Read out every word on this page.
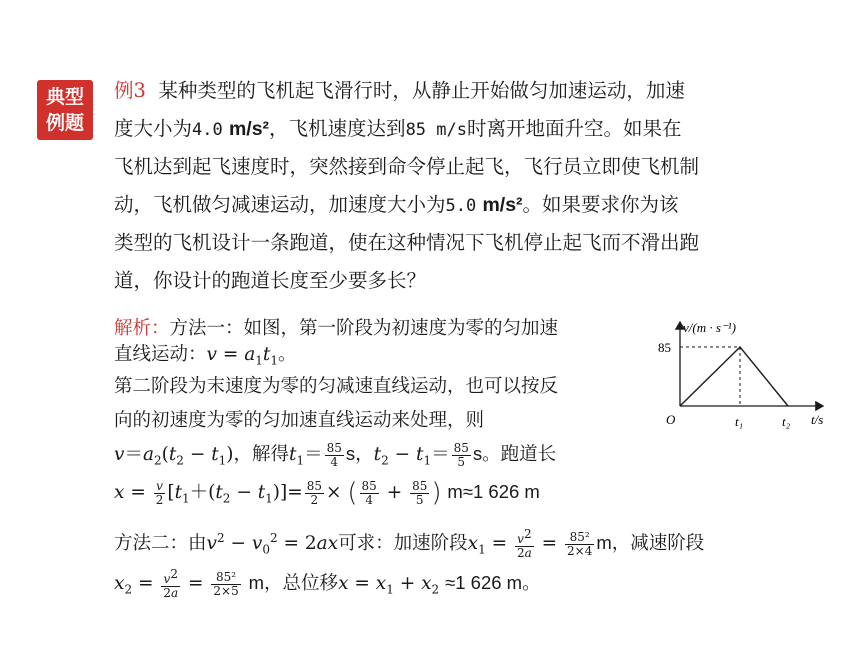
典型
例题
例3 某种类型的飞机起飞滑行时，从静止开始做匀加速运动，加速
度大小为4.0 m/s²，飞机速度达到85 m/s时离开地面升空。如果在
飞机达到起飞速度时，突然接到命令停止起飞，飞行员立即使飞机制
动，飞机做匀减速运动，加速度大小为5.0 m/s²。如果要求你为该
类型的飞机设计一条跑道，使在这种情况下飞机停止起飞而不滑出跑
道，你设计的跑道长度至少要多长？
解析：方法一：如图，第一阶段为初速度为零的匀加速
直线运动：$v = a_1t_1$。
第二阶段为末速度为零的匀减速直线运动，也可以按反
向的初速度为零的匀加速直线运动来处理，则
$v=a_2(t_2 - t_1)$，解得$t_1= \frac{85}{4}$ s，$t_2 - t_1= \frac{85}{5}$ s。跑道长
$x = \frac{v}{2} [t_1+(t_2 - t_1)]= \frac{85}{2}$ × ( $\frac{85}{4} + \frac{85}{5}$ ) m≈1 626 m
方法二：由$v^2 - v_0^2 = 2ax$可求：加速阶段$x_1 = \frac{v^2}{2a} = \frac{\text{85²}}{2\times 4}$ m，减速阶段
$x_2 = \frac{v^2}{2a} = \frac{\text{85²}}{2\times 5}$ m，总位移$x = x_1 + x_2 \approx 1$ 626 m。
v/(m · s⁻¹)
t/s
85
O	t₁	t₂
